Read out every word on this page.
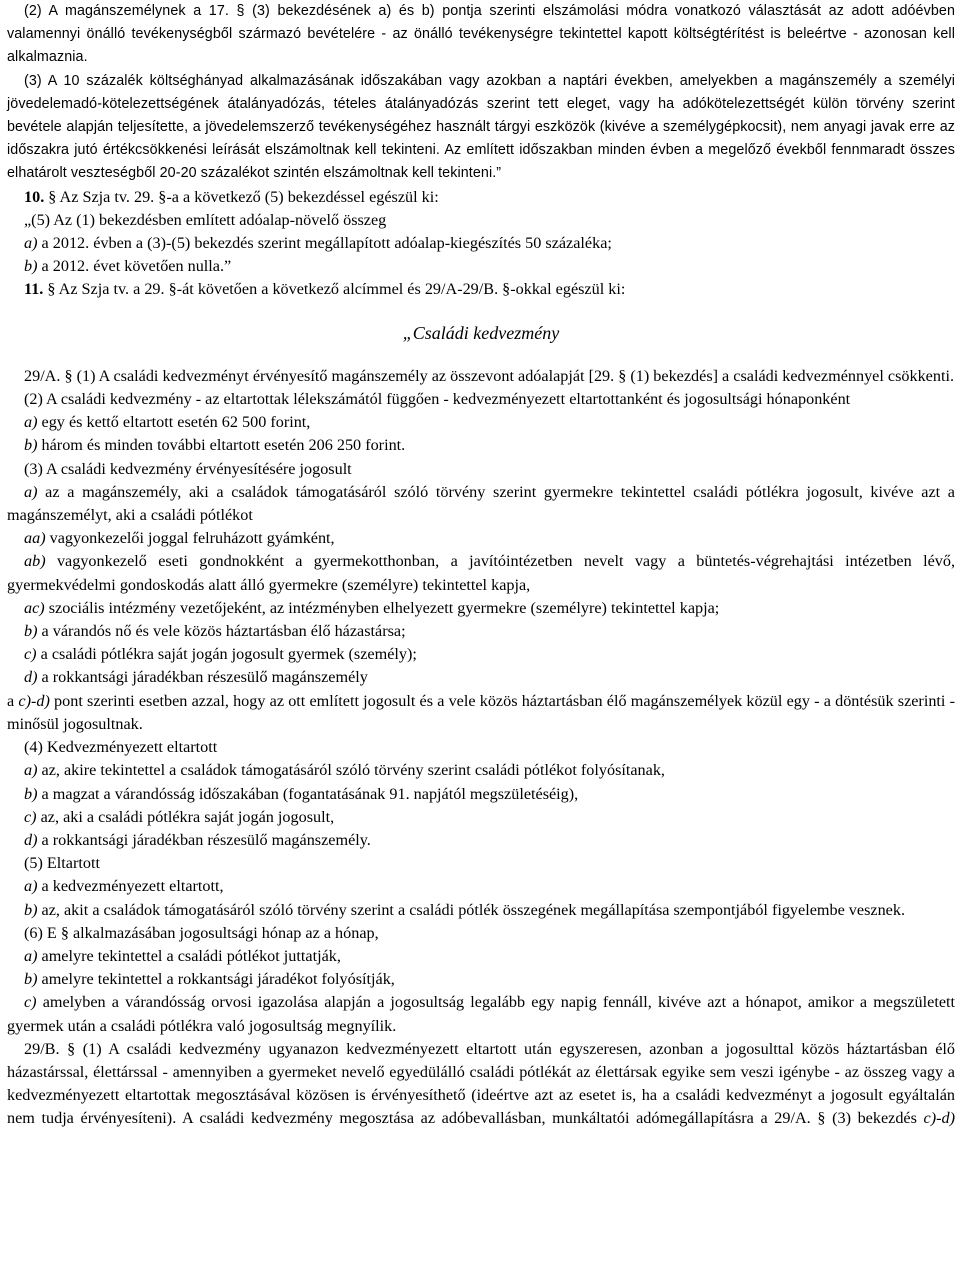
(2) A magánszemélynek a 17. § (3) bekezdésének a) és b) pontja szerinti elszámolási módra vonatkozó választását az adott adóévben valamennyi önálló tevékenységből származó bevételére - az önálló tevékenységre tekintettel kapott költségtérítést is beleértve - azonosan kell alkalmaznia.

(3) A 10 százalék költséghányad alkalmazásának időszakában vagy azokban a naptári években, amelyekben a magánszemély a személyi jövedelemadó-kötelezettségének átalányadózás, tételes átalányadózás szerint tett eleget, vagy ha adókötelezettségét külön törvény szerint bevétele alapján teljesítette, a jövedelemszerző tevékenységéhez használt tárgyi eszközök (kivéve a személygépkocsit), nem anyagi javak erre az időszakra jutó értékcsökkenési leírását elszámoltnak kell tekinteni. Az említett időszakban minden évben a megelőző évekből fennmaradt összes elhatárolt veszteségből 20-20 százalékot szintén elszámoltnak kell tekinteni.”

10. § Az Szja tv. 29. §-a a következő (5) bekezdéssel egészül ki:

„(5) Az (1) bekezdésben említett adóalap-növelő összeg

a) a 2012. évben a (3)-(5) bekezdés szerint megállapított adóalap-kiegészítés 50 százaléka;

b) a 2012. évet követően nulla.”

11. § Az Szja tv. a 29. §-át követően a következő alcímmel és 29/A-29/B. §-okkal egészül ki:

„Családi kedvezmény

29/A. § (1) A családi kedvezményt érvényesítő magánszemély az összevont adóalapját [29. § (1) bekezdés] a családi kedvezménnyel csökkenti.

(2) A családi kedvezmény - az eltartottak lélekszámától függően - kedvezményezett eltartottanként és jogosultsági hónaponként

a) egy és kettő eltartott esetén 62 500 forint,

b) három és minden további eltartott esetén 206 250 forint.

(3) A családi kedvezmény érvényesítésére jogosult

a) az a magánszemély, aki a családok támogatásáról szóló törvény szerint gyermekre tekintettel családi pótlékra jogosult, kivéve azt a magánszemélyt, aki a családi pótlékot

aa) vagyonkezelői joggal felruházott gyámként,

ab) vagyonkezelő eseti gondnokként a gyermekotthonban, a javítóintézetben nevelt vagy a büntetés-végrehajtási intézetben lévő, gyermekvédelmi gondoskodás alatt álló gyermekre (személyre) tekintettel kapja,

ac) szociális intézmény vezetőjeként, az intézményben elhelyezett gyermekre (személyre) tekintettel kapja;

b) a várandós nő és vele közös háztartásban élő házastársa;

c) a családi pótlékra saját jogán jogosult gyermek (személy);

d) a rokkantsági járadékban részesülő magánszemély

a c)-d) pont szerinti esetben azzal, hogy az ott említett jogosult és a vele közös háztartásban élő magánszemélyek közül egy - a döntésük szerinti - minősül jogosultnak.

(4) Kedvezményezett eltartott

a) az, akire tekintettel a családok támogatásáról szóló törvény szerint családi pótlékot folyósítanak,

b) a magzat a várandósság időszakában (fogantatásának 91. napjától megszületéséig),

c) az, aki a családi pótlékra saját jogán jogosult,

d) a rokkantsági járadékban részesülő magánszemély.

(5) Eltartott

a) a kedvezményezett eltartott,

b) az, akit a családok támogatásáról szóló törvény szerint a családi pótlék összegének megállapítása szempontjából figyelembe vesznek.

(6) E § alkalmazásában jogosultsági hónap az a hónap,

a) amelyre tekintettel a családi pótlékot juttatják,

b) amelyre tekintettel a rokkantsági járadékot folyósítják,

c) amelyben a várandósság orvosi igazolása alapján a jogosultság legalább egy napig fennáll, kivéve azt a hónapot, amikor a megszületett gyermek után a családi pótlékra való jogosultság megnyílik.

29/B. § (1) A családi kedvezmény ugyanazon kedvezményezett eltartott után egyszeresen, azonban a jogosulttal közös háztartásban élő házastárssal, élettárssal - amennyiben a gyermeket nevelő egyedülálló családi pótlékát az élettársak egyike sem veszi igénybe - az összeg vagy a kedvezményezett eltartottak megosztásával közösen is érvényesíthető (ideértve azt az esetet is, ha a családi kedvezményt a jogosult egyáltalán nem tudja érvényesíteni). A családi kedvezmény megosztása az adóbevallásban, munkáltatói adómegállapításra a 29/A. § (3) bekezdés c)-d)
